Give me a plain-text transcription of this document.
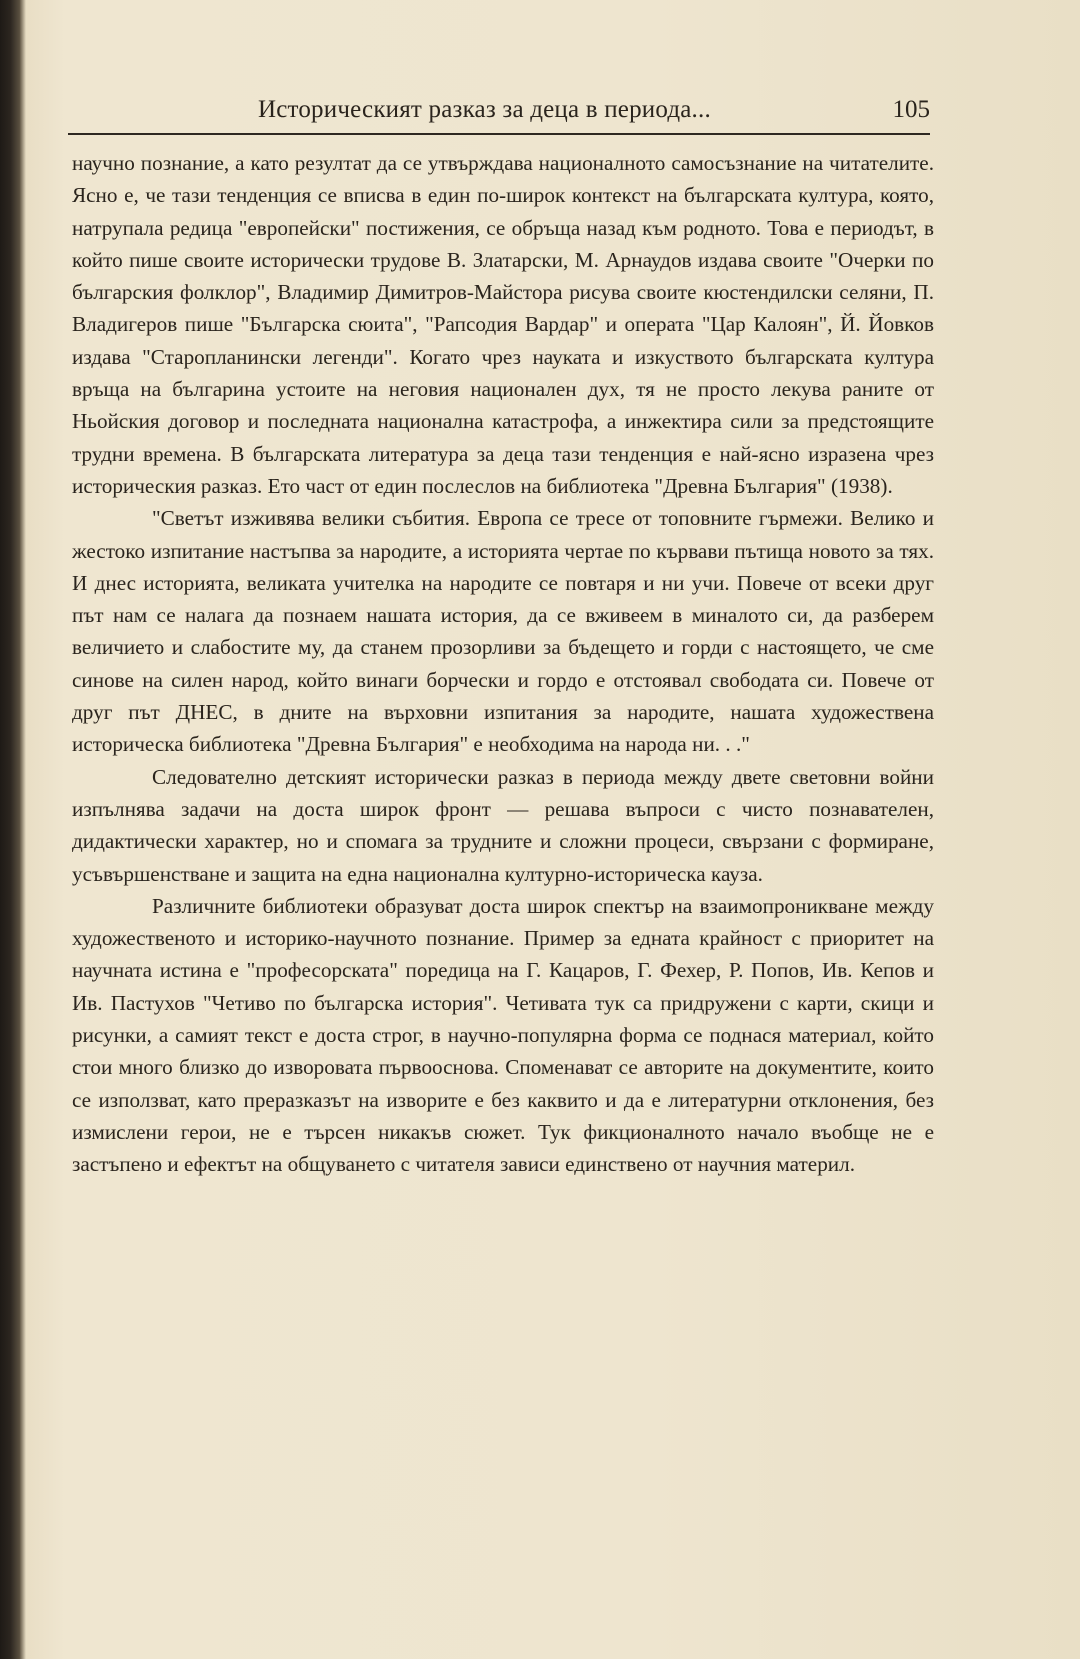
Историческият разказ за деца в периода...	105

научно познание, а като резултат да се утвърждава националното самосъзнание на читателите. Ясно е, че тази тенденция се вписва в един по-широк контекст на българската култура, която, натрупала редица "европейски" постижения, се обръща назад към родното. Това е периодът, в който пише своите исторически трудове В. Златарски, М. Арнаудов издава своите "Очерки по българския фолклор", Владимир Димитров-Майстора рисува своите кюстендилски селяни, П. Владигеров пише "Българска сюита", "Рапсодия Вардар" и операта "Цар Калоян", Й. Йовков издава "Старопланински легенди". Когато чрез науката и изкуството българската култура връща на българина устоите на неговия национален дух, тя не просто лекува раните от Ньойския договор и последната национална катастрофа, а инжектира сили за предстоящите трудни времена. В българската литература за деца тази тенденция е най-ясно изразена чрез историческия разказ. Ето част от един послеслов на библиотека "Древна България" (1938).

"Светът изживява велики събития. Европа се тресе от топовните гърмежи. Велико и жестоко изпитание настъпва за народите, а историята чертае по кървави пътища новото за тях. И днес историята, великата учителка на народите се повтаря и ни учи. Повече от всеки друг път нам се налага да познаем нашата история, да се вживеем в миналото си, да разберем величието и слабостите му, да станем прозорливи за бъдещето и горди с настоящето, че сме синове на силен народ, който винаги борчески и гордо е отстоявал свободата си. Повече от друг път ДНЕС, в дните на върховни изпитания за народите, нашата художествена историческа библиотека "Древна България" е необходима на народа ни. . ."

Следователно детският исторически разказ в периода между двете световни войни изпълнява задачи на доста широк фронт — решава въпроси с чисто познавателен, дидактически характер, но и спомага за трудните и сложни процеси, свързани с формиране, усъвършенстване и защита на една национална културно-историческа кауза.

Различните библиотеки образуват доста широк спектър на взаимопроникване между художественото и историко-научното познание. Пример за едната крайност с приоритет на научната истина е "професорската" поредица на Г. Кацаров, Г. Фехер, Р. Попов, Ив. Кепов и Ив. Пастухов "Четиво по българска история". Четивата тук са придружени с карти, скици и рисунки, а самият текст е доста строг, в научно-популярна форма се поднася материал, който стои много близко до изворовата първооснова. Споменават се авторите на документите, които се използват, като преразказът на изворите е без каквито и да е литературни отклонения, без измислени герои, не е търсен никакъв сюжет. Тук фикционалното начало въобще не е застъпено и ефектът на общуването с читателя зависи единствено от научния материл.
